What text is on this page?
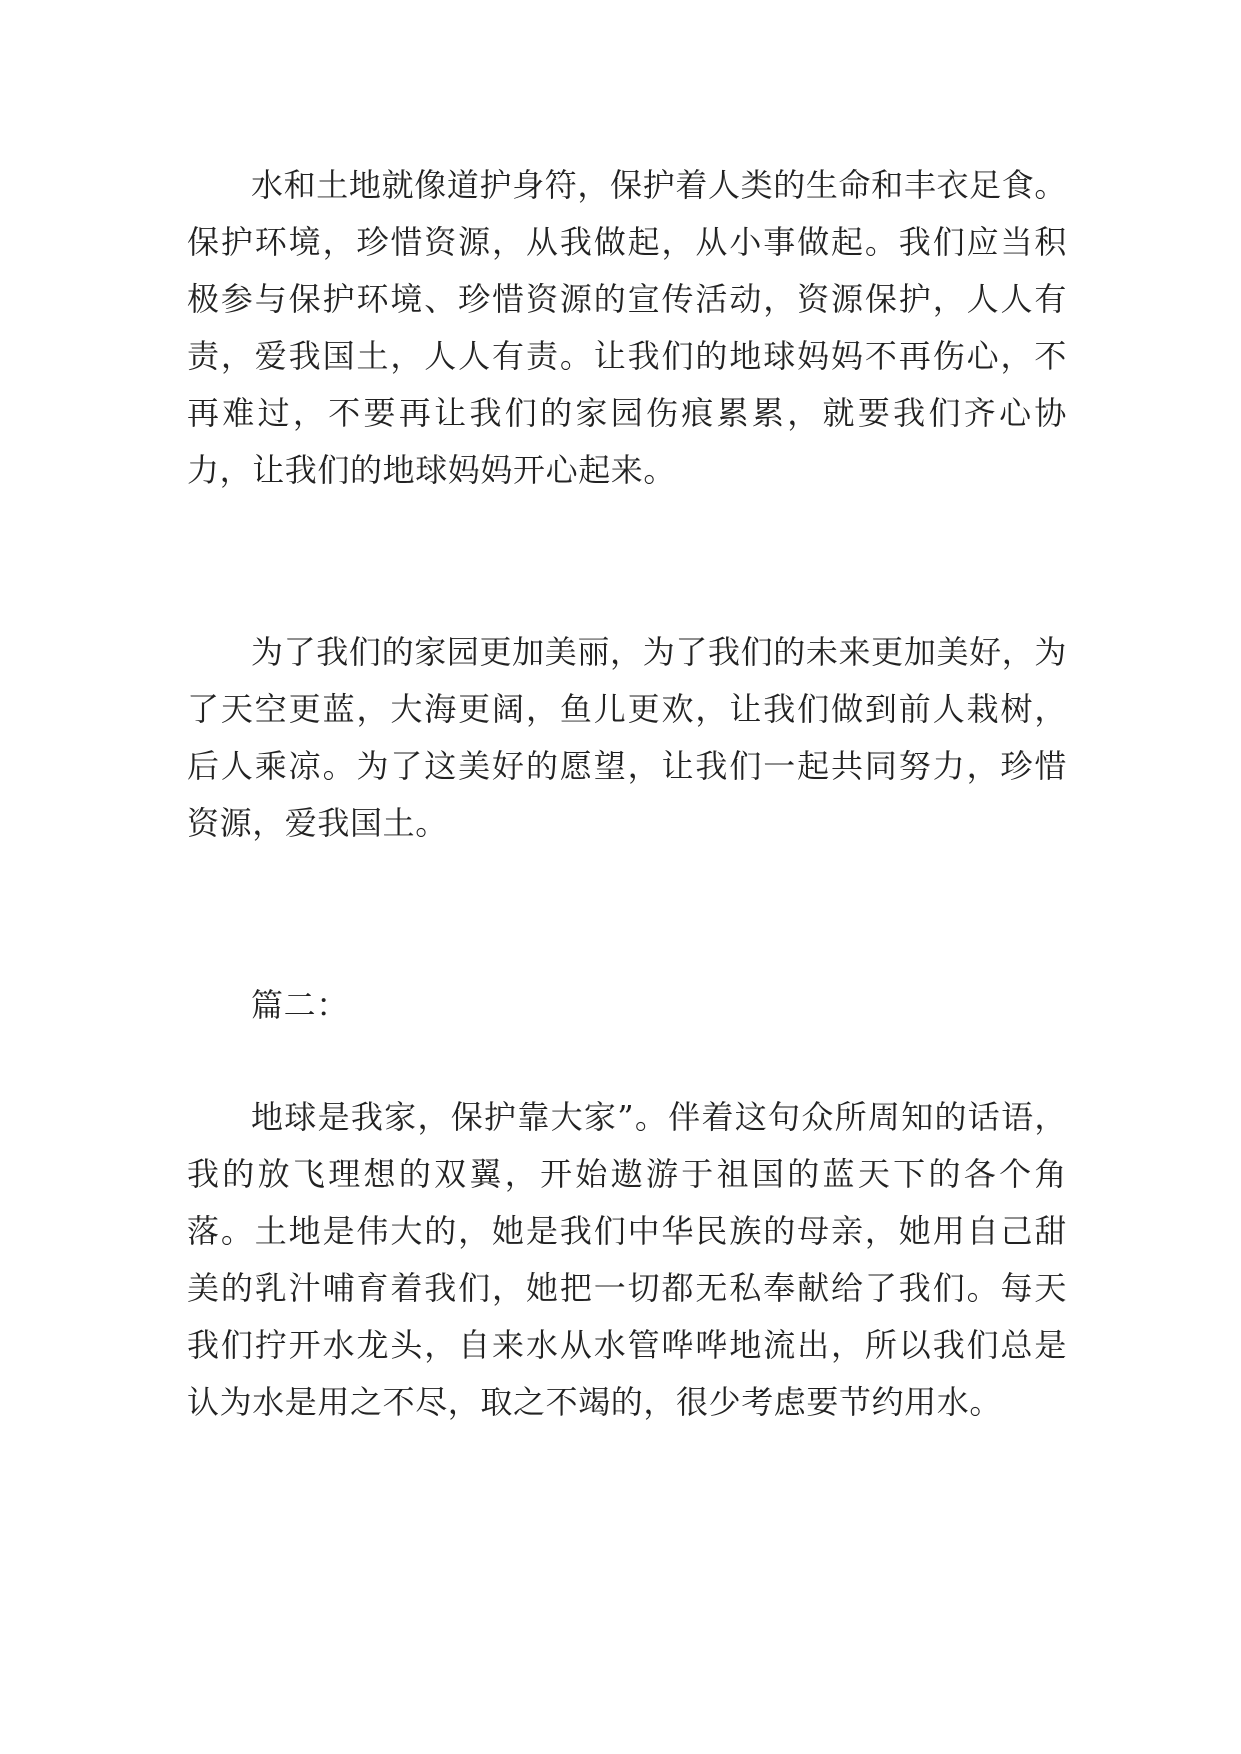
水和土地就像道护身符，保护着人类的生命和丰衣足食。保护环境，珍惜资源，从我做起，从小事做起。我们应当积极参与保护环境、珍惜资源的宣传活动，资源保护，人人有责，爱我国土，人人有责。让我们的地球妈妈不再伤心，不再难过，不要再让我们的家园伤痕累累，就要我们齐心协力，让我们的地球妈妈开心起来。

为了我们的家园更加美丽，为了我们的未来更加美好，为了天空更蓝，大海更阔，鱼儿更欢，让我们做到前人栽树，后人乘凉。为了这美好的愿望，让我们一起共同努力，珍惜资源，爱我国土。

篇二：

地球是我家，保护靠大家”。伴着这句众所周知的话语，我的放飞理想的双翼，开始遨游于祖国的蓝天下的各个角落。土地是伟大的，她是我们中华民族的母亲，她用自己甜美的乳汁哺育着我们，她把一切都无私奉献给了我们。每天我们拧开水龙头，自来水从水管哗哗地流出，所以我们总是认为水是用之不尽，取之不竭的，很少考虑要节约用水。
